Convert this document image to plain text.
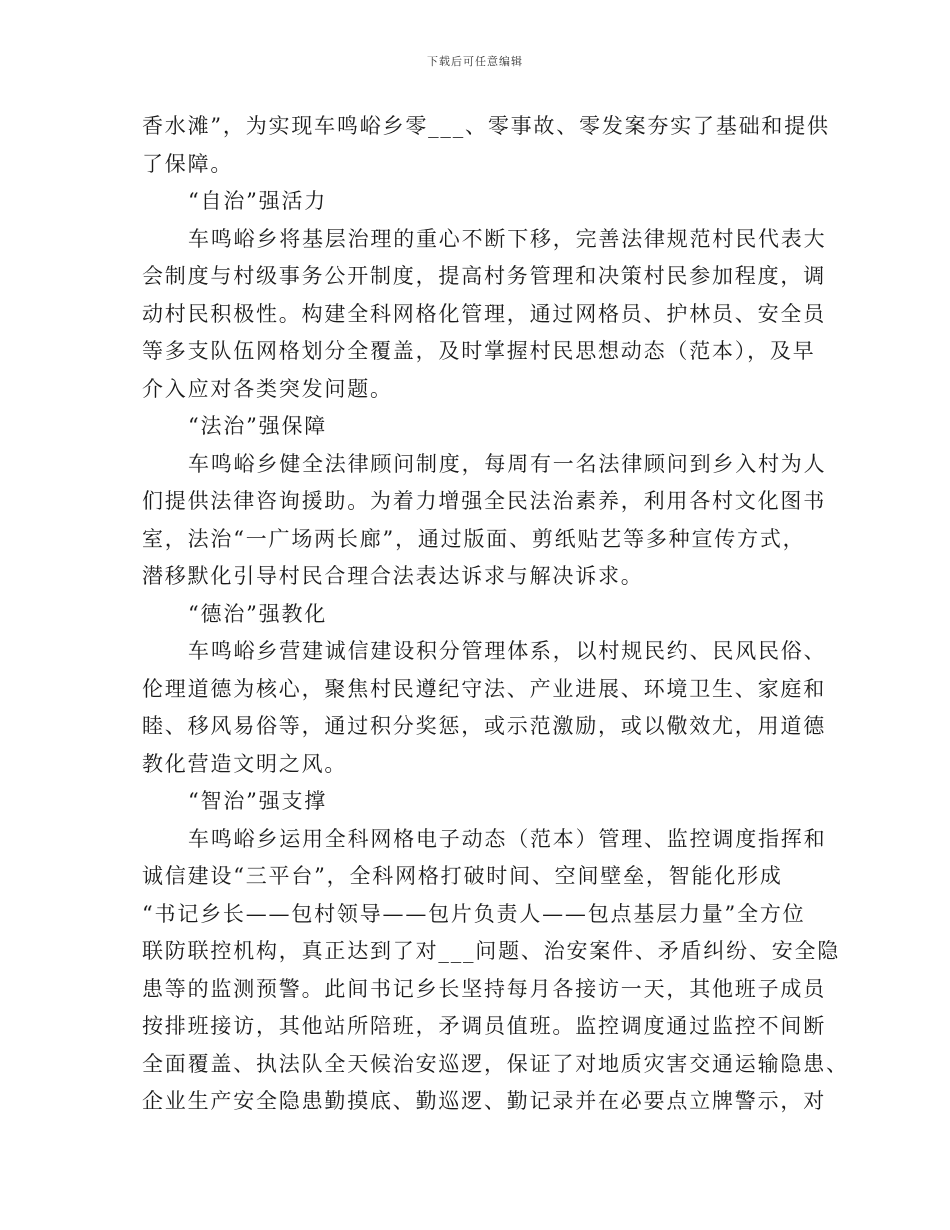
下载后可任意编辑
香水滩”，为实现车鸣峪乡零___、零事故、零发案夯实了基础和提供
了保障。
“自治”强活力
车鸣峪乡将基层治理的重心不断下移，完善法律规范村民代表大
会制度与村级事务公开制度，提高村务管理和决策村民参加程度，调
动村民积极性。构建全科网格化管理，通过网格员、护林员、安全员
等多支队伍网格划分全覆盖，及时掌握村民思想动态（范本），及早
介入应对各类突发问题。
“法治”强保障
车鸣峪乡健全法律顾问制度，每周有一名法律顾问到乡入村为人
们提供法律咨询援助。为着力增强全民法治素养，利用各村文化图书
室，法治“一广场两长廊”，通过版面、剪纸贴艺等多种宣传方式，
潜移默化引导村民合理合法表达诉求与解决诉求。
“德治”强教化
车鸣峪乡营建诚信建设积分管理体系，以村规民约、民风民俗、
伦理道德为核心，聚焦村民遵纪守法、产业进展、环境卫生、家庭和
睦、移风易俗等，通过积分奖惩，或示范激励，或以儆效尤，用道德
教化营造文明之风。
“智治”强支撑
车鸣峪乡运用全科网格电子动态（范本）管理、监控调度指挥和
诚信建设“三平台”，全科网格打破时间、空间壁垒，智能化形成
“书记乡长——包村领导——包片负责人——包点基层力量”全方位
联防联控机构，真正达到了对___问题、治安案件、矛盾纠纷、安全隐
患等的监测预警。此间书记乡长坚持每月各接访一天，其他班子成员
按排班接访，其他站所陪班，矛调员值班。监控调度通过监控不间断
全面覆盖、执法队全天候治安巡逻，保证了对地质灾害交通运输隐患、
企业生产安全隐患勤摸底、勤巡逻、勤记录并在必要点立牌警示，对
